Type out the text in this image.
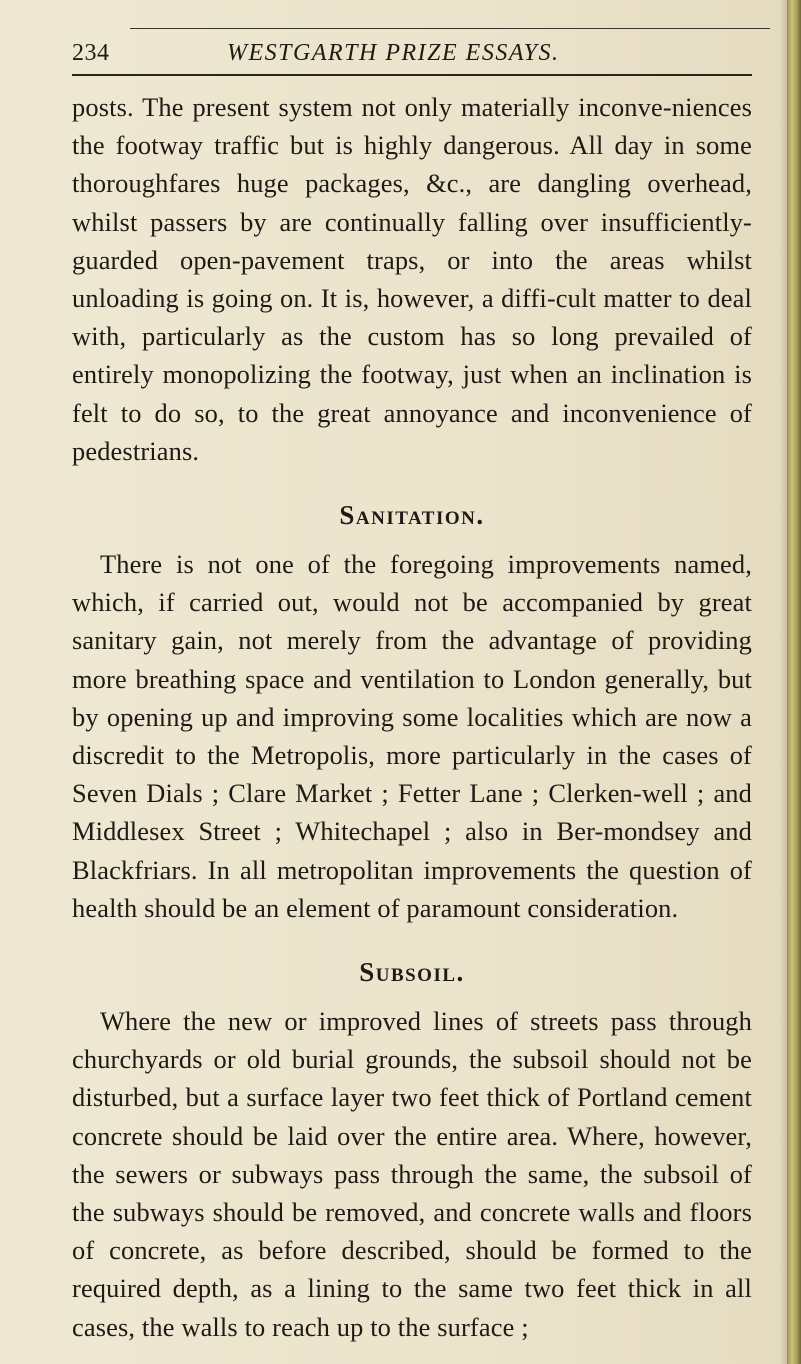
234	WESTGARTH PRIZE ESSAYS.

posts. The present system not only materially inconve-niences the footway traffic but is highly dangerous. All day in some thoroughfares huge packages, &c., are dangling overhead, whilst passers by are continually falling over insufficiently-guarded open-pavement traps, or into the areas whilst unloading is going on. It is, however, a diffi-cult matter to deal with, particularly as the custom has so long prevailed of entirely monopolizing the footway, just when an inclination is felt to do so, to the great annoyance and inconvenience of pedestrians.

Sanitation.

There is not one of the foregoing improvements named, which, if carried out, would not be accompanied by great sanitary gain, not merely from the advantage of providing more breathing space and ventilation to London generally, but by opening up and improving some localities which are now a discredit to the Metropolis, more particularly in the cases of Seven Dials ; Clare Market ; Fetter Lane ; Clerken-well ; and Middlesex Street ; Whitechapel ; also in Ber-mondsey and Blackfriars. In all metropolitan improvements the question of health should be an element of paramount consideration.

Subsoil.

Where the new or improved lines of streets pass through churchyards or old burial grounds, the subsoil should not be disturbed, but a surface layer two feet thick of Portland cement concrete should be laid over the entire area. Where, however, the sewers or subways pass through the same, the subsoil of the subways should be removed, and concrete walls and floors of concrete, as before described, should be formed to the required depth, as a lining to the same two feet thick in all cases, the walls to reach up to the surface ;
